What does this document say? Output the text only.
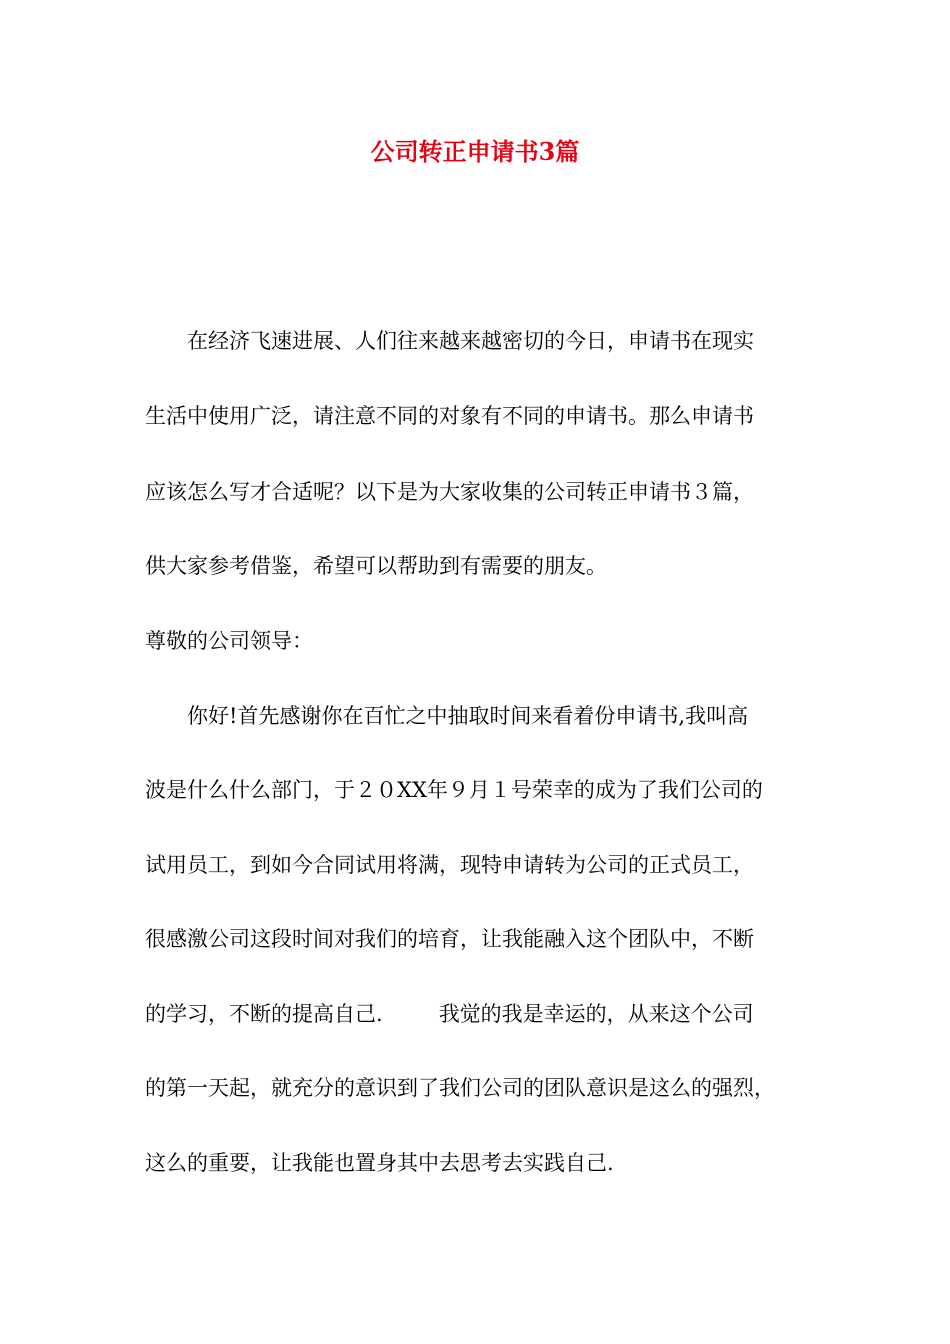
公司转正申请书3篇

　　在经济飞速进展、人们往来越来越密切的今日，申请书在现实

生活中使用广泛，请注意不同的对象有不同的申请书。那么申请书

应该怎么写才合适呢？以下是为大家收集的公司转正申请书３篇，

供大家参考借鉴，希望可以帮助到有需要的朋友。

尊敬的公司领导：

　　你好!首先感谢你在百忙之中抽取时间来看着份申请书,我叫高

波是什么什么部门，于２０XX年９月１号荣幸的成为了我们公司的

试用员工，到如今合同试用将满，现特申请转为公司的正式员工，

很感激公司这段时间对我们的培育，让我能融入这个团队中，不断

的学习，不断的提高自己.	我觉的我是幸运的，从来这个公司

的第一天起，就充分的意识到了我们公司的团队意识是这么的强烈，

这么的重要，让我能也置身其中去思考去实践自己.
